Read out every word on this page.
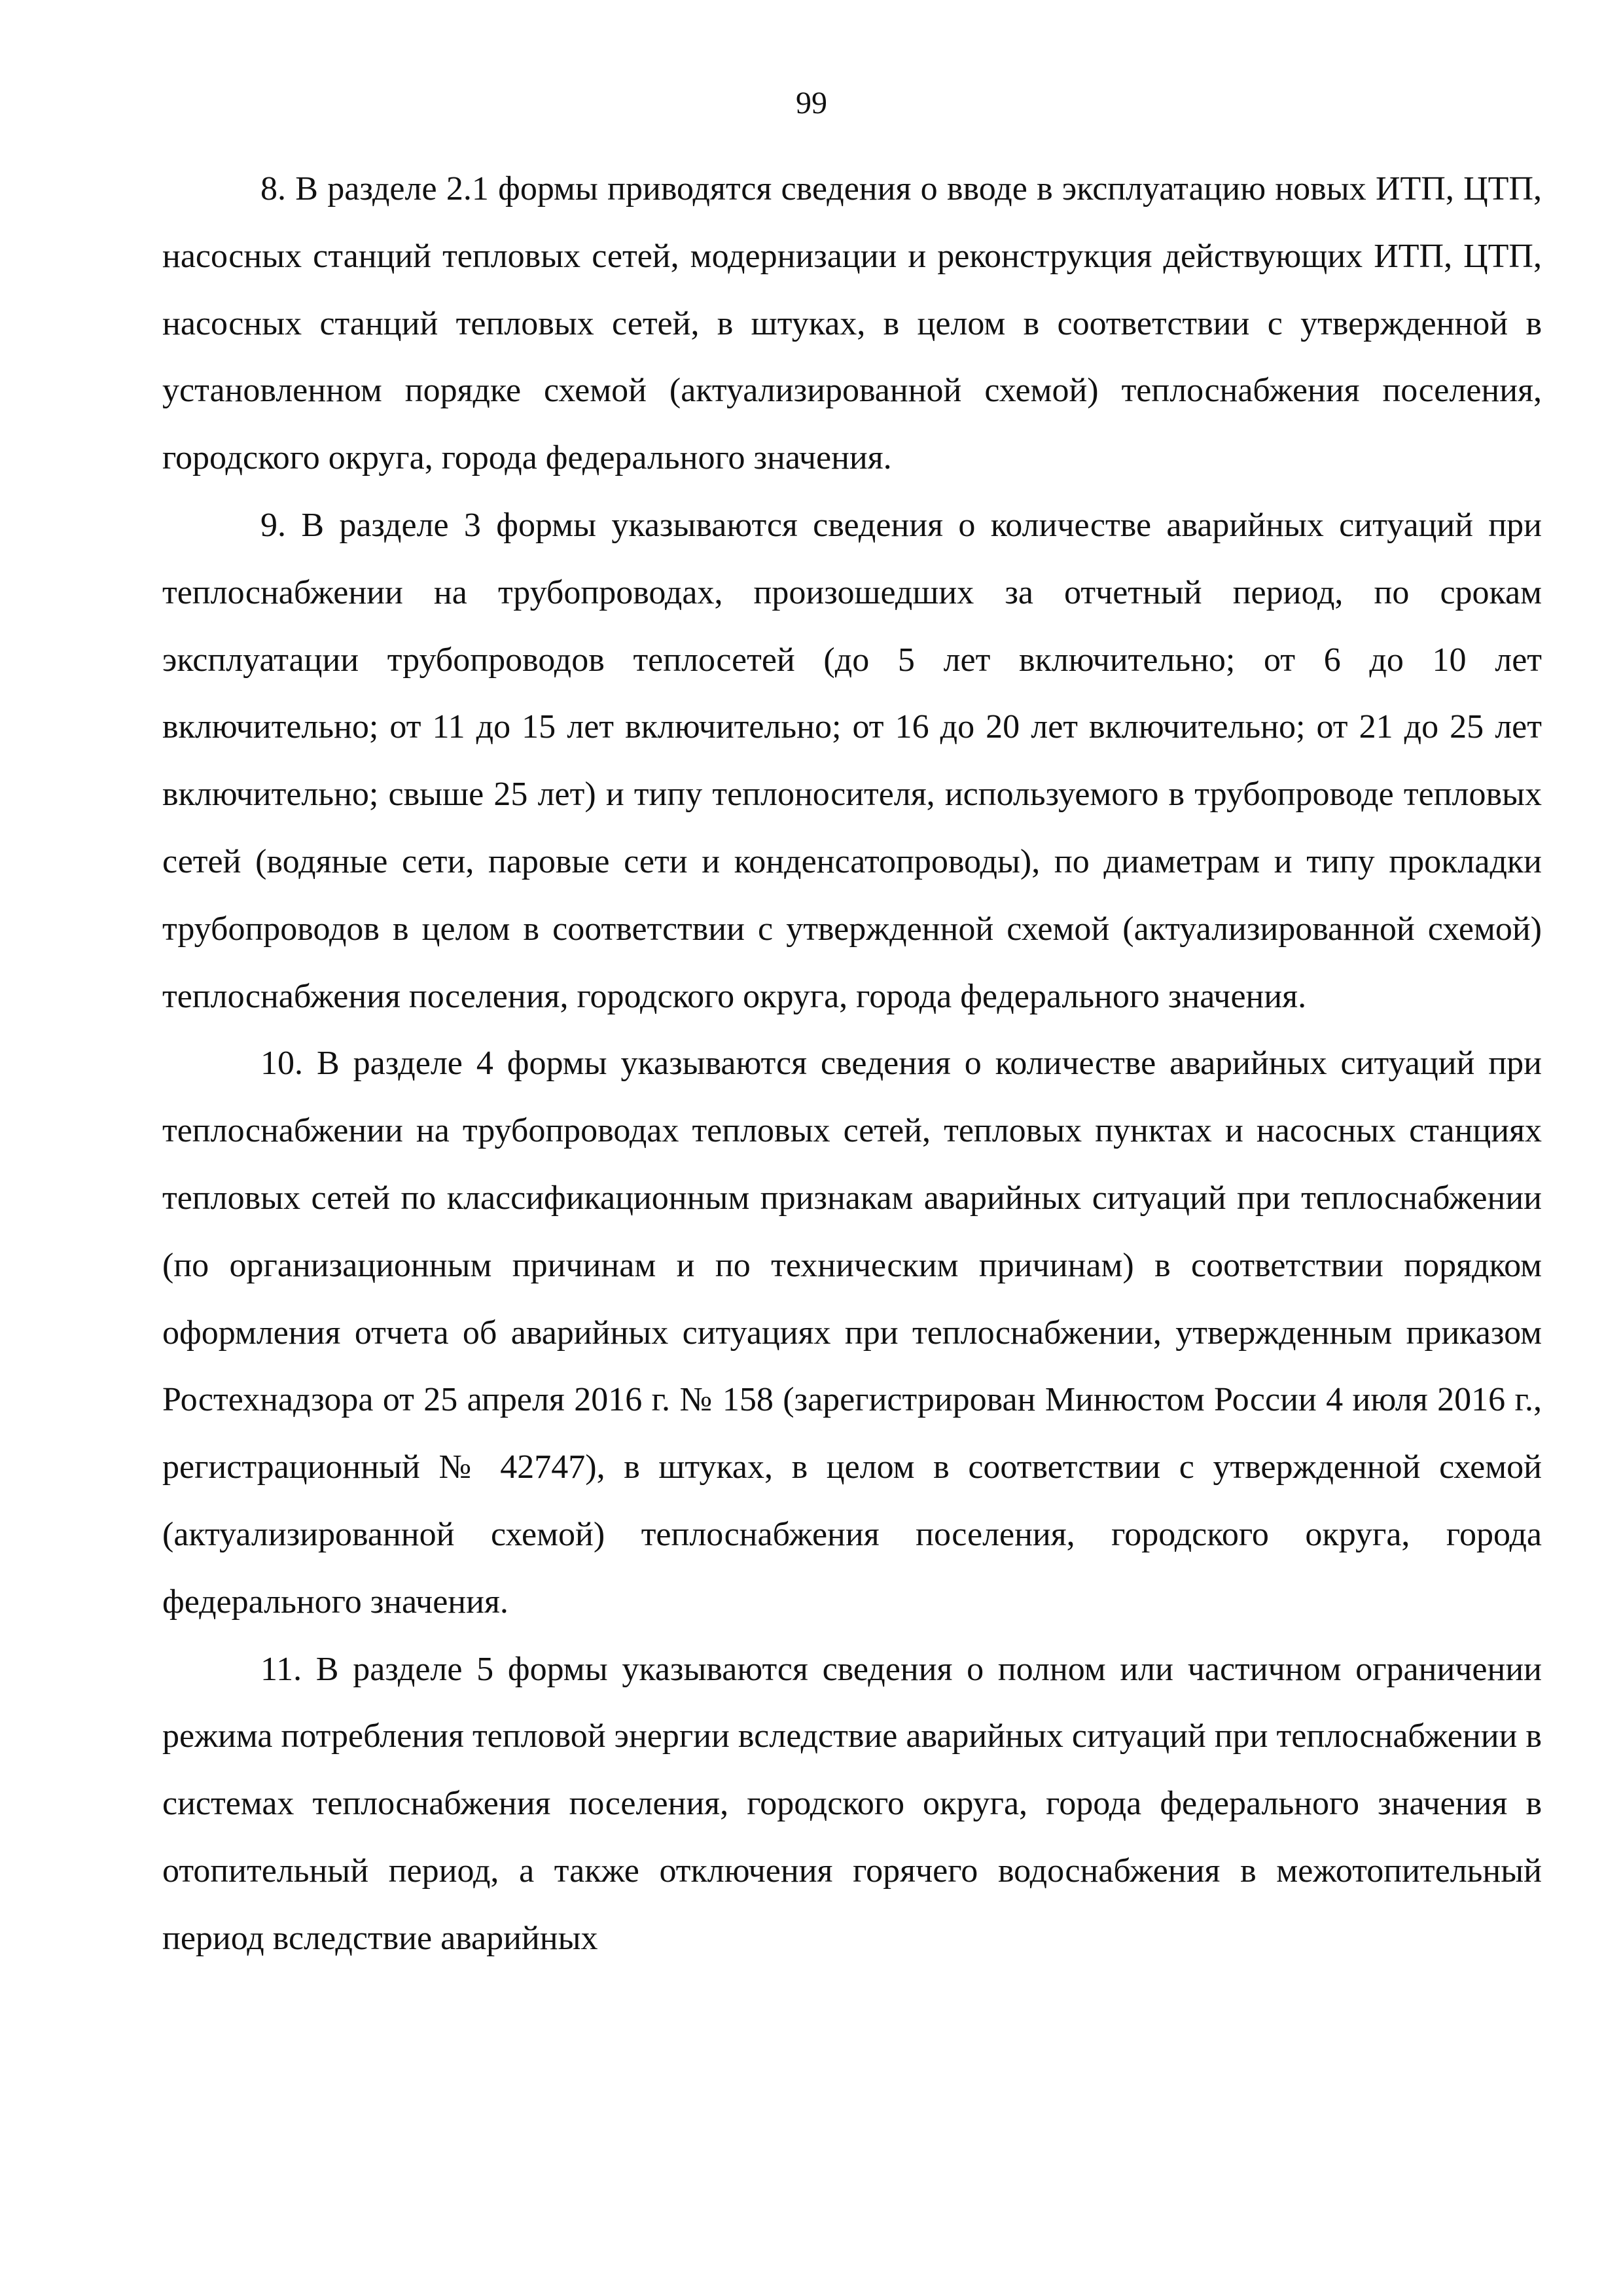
99

8. В разделе 2.1 формы приводятся сведения о вводе в эксплуатацию новых ИТП, ЦТП, насосных станций тепловых сетей, модернизации и реконструкция действующих ИТП, ЦТП, насосных станций тепловых сетей, в штуках, в целом в соответствии с утвержденной в установленном порядке схемой (актуализированной схемой) теплоснабжения поселения, городского округа, города федерального значения.

9. В разделе 3 формы указываются сведения о количестве аварийных ситуаций при теплоснабжении на трубопроводах, произошедших за отчетный период, по срокам эксплуатации трубопроводов теплосетей (до 5 лет включительно; от 6 до 10 лет включительно; от 11 до 15 лет включительно; от 16 до 20 лет включительно; от 21 до 25 лет включительно; свыше 25 лет) и типу теплоносителя, используемого в трубопроводе тепловых сетей (водяные сети, паровые сети и конденсатопроводы), по диаметрам и типу прокладки трубопроводов в целом в соответствии с утвержденной схемой (актуализированной схемой) теплоснабжения поселения, городского округа, города федерального значения.

10. В разделе 4 формы указываются сведения о количестве аварийных ситуаций при теплоснабжении на трубопроводах тепловых сетей, тепловых пунктах и насосных станциях тепловых сетей по классификационным признакам аварийных ситуаций при теплоснабжении (по организационным причинам и по техническим причинам) в соответствии порядком оформления отчета об аварийных ситуациях при теплоснабжении, утвержденным приказом Ростехнадзора от 25 апреля 2016 г. № 158 (зарегистрирован Минюстом России 4 июля 2016 г., регистрационный № 42747), в штуках, в целом в соответствии с утвержденной схемой (актуализированной схемой) теплоснабжения поселения, городского округа, города федерального значения.

11. В разделе 5 формы указываются сведения о полном или частичном ограничении режима потребления тепловой энергии вследствие аварийных ситуаций при теплоснабжении в системах теплоснабжения поселения, городского округа, города федерального значения в отопительный период, а также отключения горячего водоснабжения в межотопительный период вследствие аварийных
